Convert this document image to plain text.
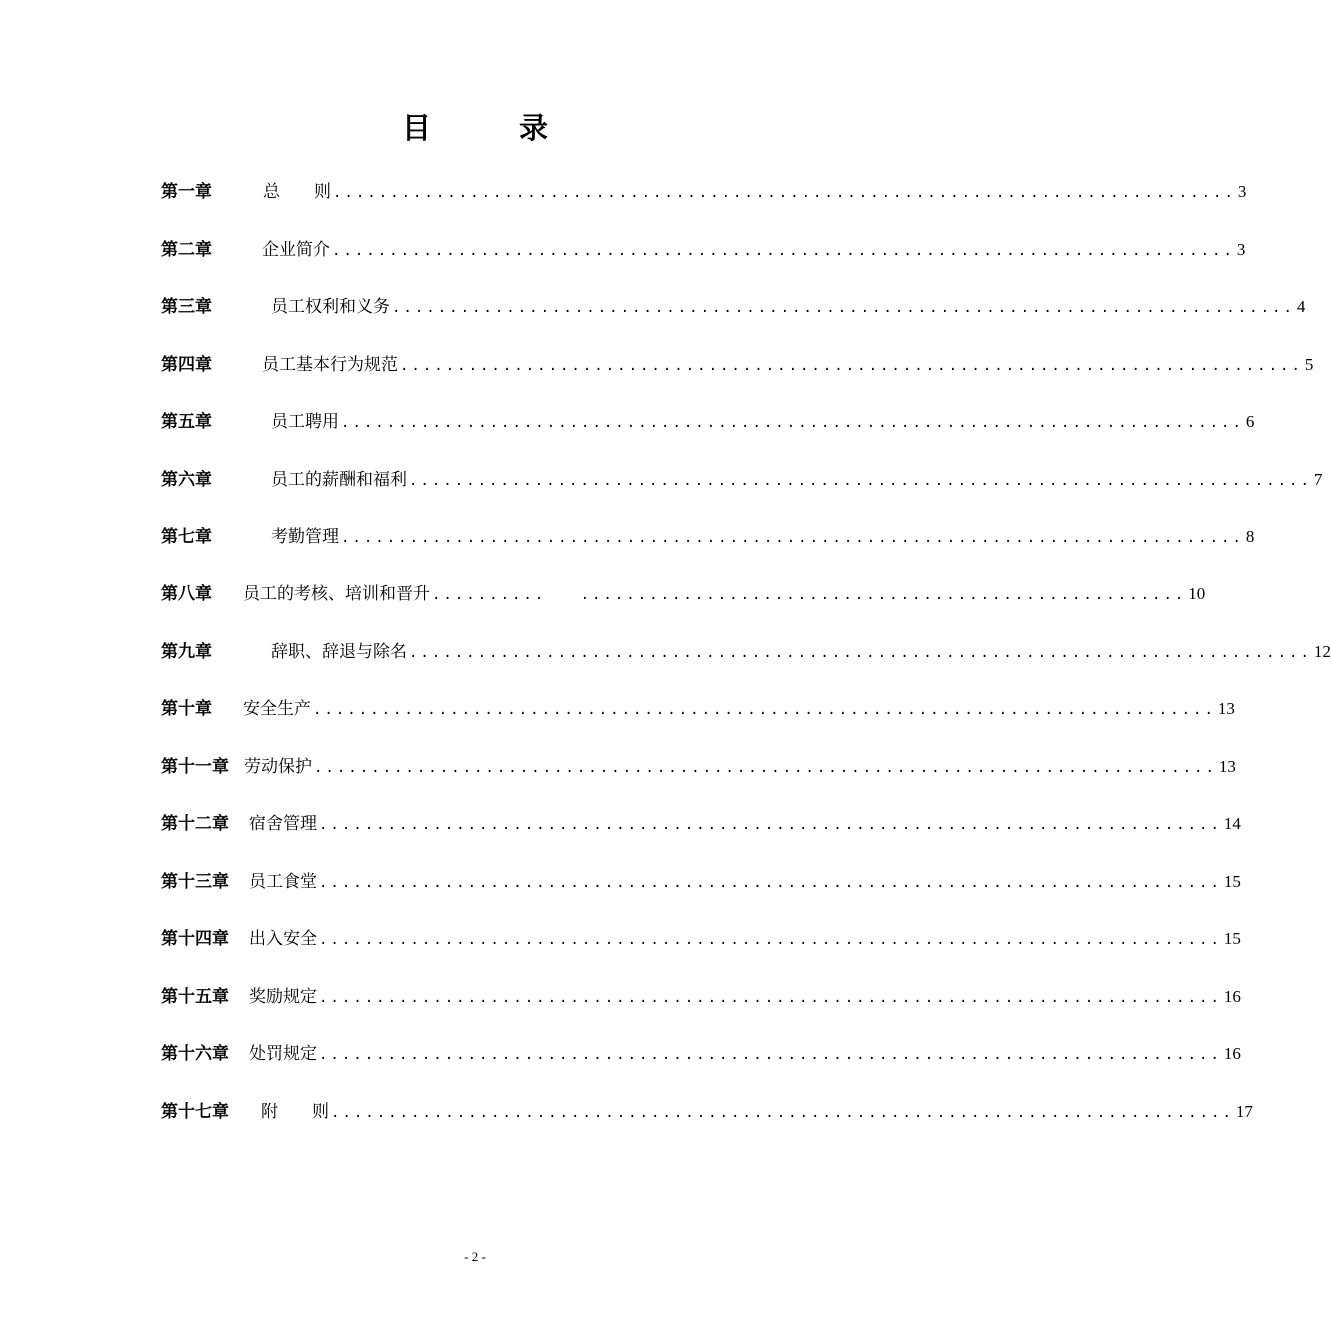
目	录
第一章	总　　则 ............................................................................... 3
第二章	企业简介 ............................................................................... 3
第三章	员工权利和义务 ............................................................................... 4
第四章	员工基本行为规范 ............................................................................... 5
第五章	员工聘用 ............................................................................... 6
第六章	员工的薪酬和福利 ............................................................................... 7
第七章	考勤管理 ............................................................................... 8
第八章 员工的考核、培训和晋升 ..........   ..................................................... 10
第九章	辞职、辞退与除名 ............................................................................... 12
第十章 安全生产 ............................................................................... 13
第十一章 劳动保护 ............................................................................... 13
第十二章 宿舍管理 ............................................................................... 14
第十三章 员工食堂 ............................................................................... 15
第十四章 出入安全 ............................................................................... 15
第十五章 奖励规定 ............................................................................... 16
第十六章 处罚规定 ............................................................................... 16
第十七章 附　　则 ............................................................................... 17
- 2 -
